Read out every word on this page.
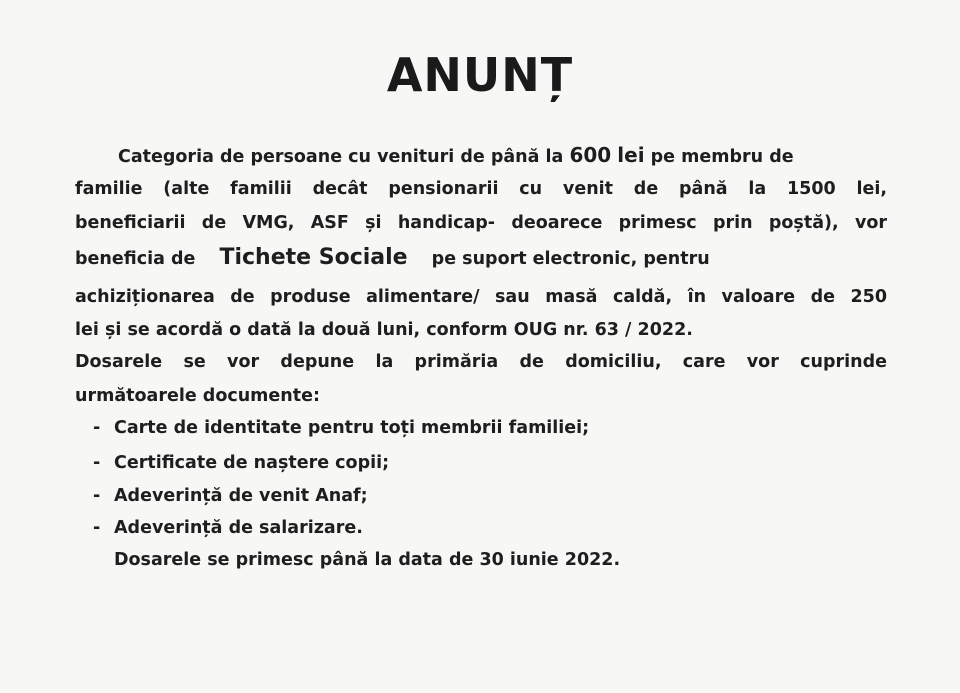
ANUNȚ
Categoria de persoane cu venituri de până la 600 lei pe membru de
familie (alte familii decât pensionarii cu venit de până la 1500 lei,
beneficiarii de VMG, ASF și handicap- deoarece primesc prin poștă), vor
beneficia de Tichete Sociale pe suport electronic, pentru
achiziționarea de produse alimentare/ sau masă caldă, în valoare de 250
lei și se acordă o dată la două luni, conform OUG nr. 63 / 2022.
Dosarele se vor depune la primăria de domiciliu, care vor cuprinde
următoarele documente:
- Carte de identitate pentru toți membrii familiei;
- Certificate de naștere copii;
- Adeverință de venit Anaf;
- Adeverință de salarizare.
Dosarele se primesc până la data de 30 iunie 2022.
